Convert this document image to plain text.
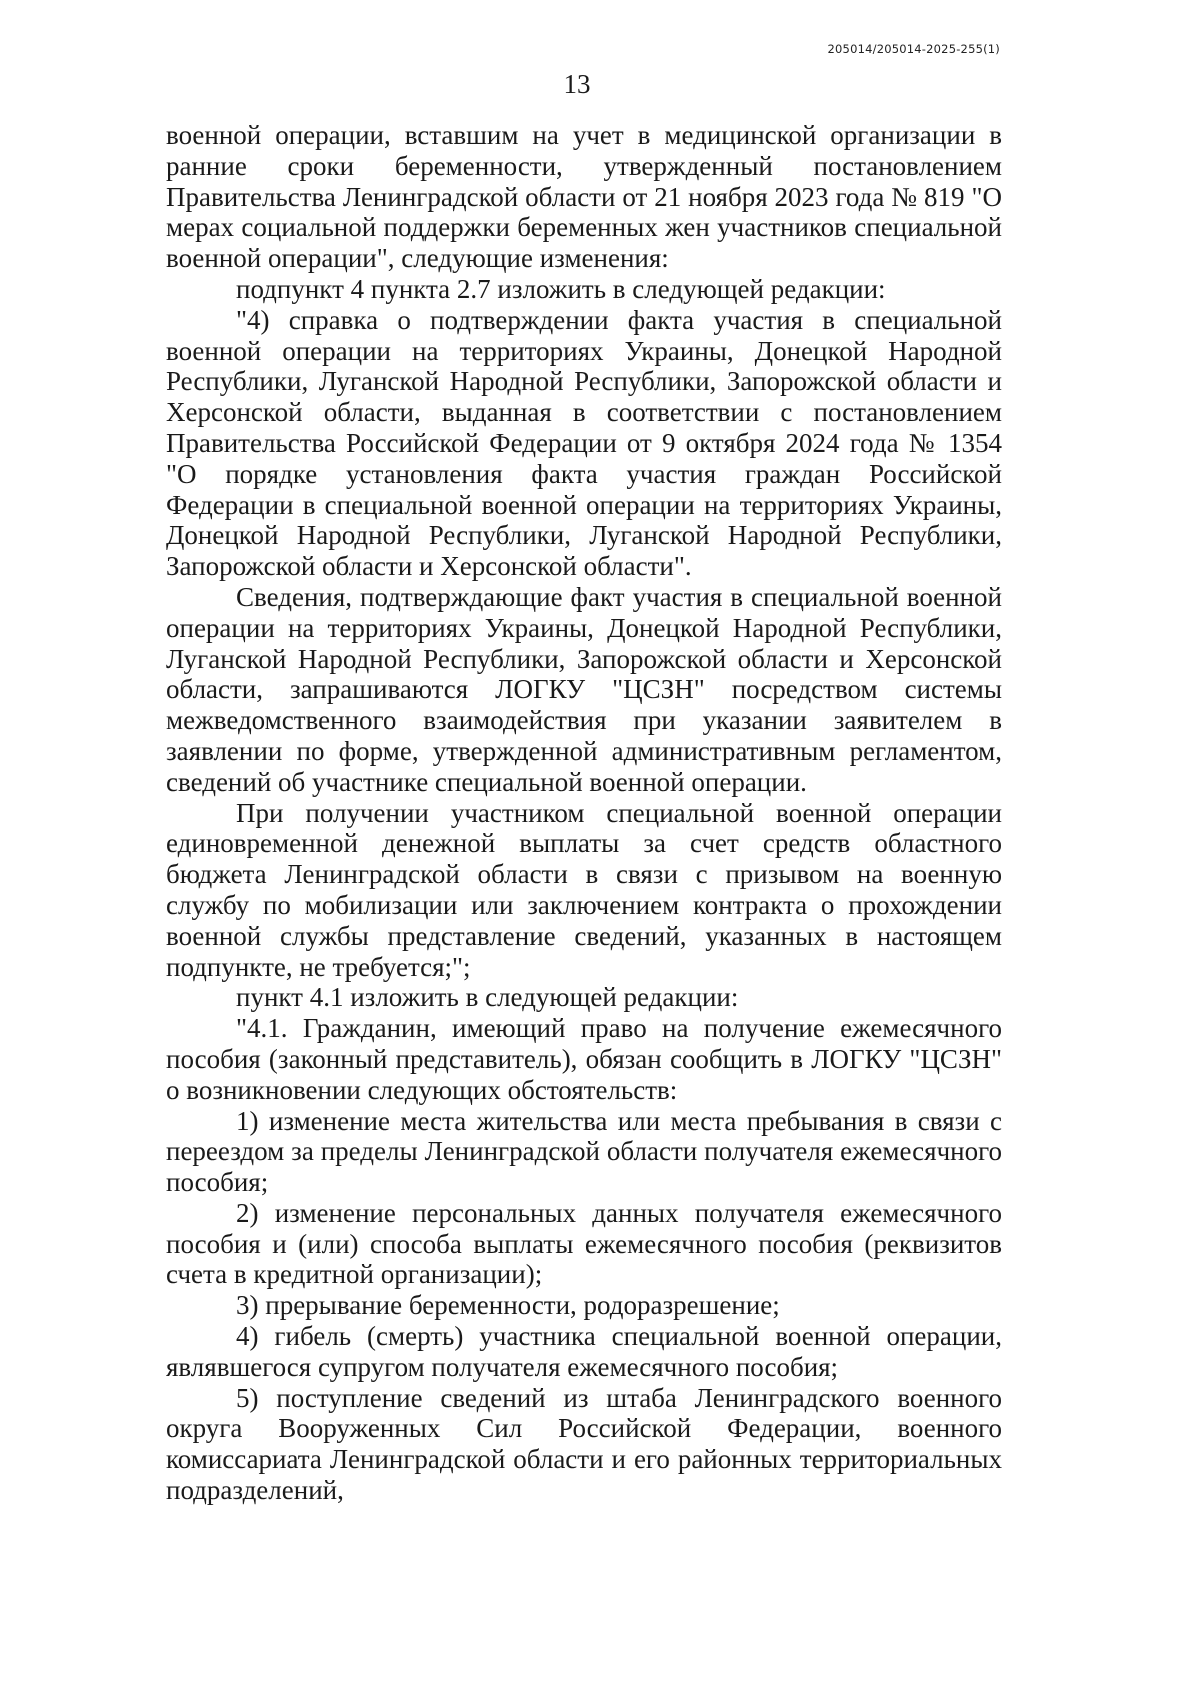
205014/205014-2025-255(1)
13

военной операции, вставшим на учет в медицинской организации в ранние сроки беременности, утвержденный постановлением Правительства Ленинградской области от 21 ноября 2023 года № 819 "О мерах социальной поддержки беременных жен участников специальной военной операции", следующие изменения:

подпункт 4 пункта 2.7 изложить в следующей редакции:

"4) справка о подтверждении факта участия в специальной военной операции на территориях Украины, Донецкой Народной Республики, Луганской Народной Республики, Запорожской области и Херсонской области, выданная в соответствии с постановлением Правительства Российской Федерации от 9 октября 2024 года № 1354 "О порядке установления факта участия граждан Российской Федерации в специальной военной операции на территориях Украины, Донецкой Народной Республики, Луганской Народной Республики, Запорожской области и Херсонской области".

Сведения, подтверждающие факт участия в специальной военной операции на территориях Украины, Донецкой Народной Республики, Луганской Народной Республики, Запорожской области и Херсонской области, запрашиваются ЛОГКУ "ЦСЗН" посредством системы межведомственного взаимодействия при указании заявителем в заявлении по форме, утвержденной административным регламентом, сведений об участнике специальной военной операции.

При получении участником специальной военной операции единовременной денежной выплаты за счет средств областного бюджета Ленинградской области в связи с призывом на военную службу по мобилизации или заключением контракта о прохождении военной службы представление сведений, указанных в настоящем подпункте, не требуется;";

пункт 4.1 изложить в следующей редакции:

"4.1. Гражданин, имеющий право на получение ежемесячного пособия (законный представитель), обязан сообщить в ЛОГКУ "ЦСЗН" о возникновении следующих обстоятельств:

1) изменение места жительства или места пребывания в связи с переездом за пределы Ленинградской области получателя ежемесячного пособия;

2) изменение персональных данных получателя ежемесячного пособия и (или) способа выплаты ежемесячного пособия (реквизитов счета в кредитной организации);

3) прерывание беременности, родоразрешение;

4) гибель (смерть) участника специальной военной операции, являвшегося супругом получателя ежемесячного пособия;

5) поступление сведений из штаба Ленинградского военного округа Вооруженных Сил Российской Федерации, военного комиссариата Ленинградской области и его районных территориальных подразделений,
